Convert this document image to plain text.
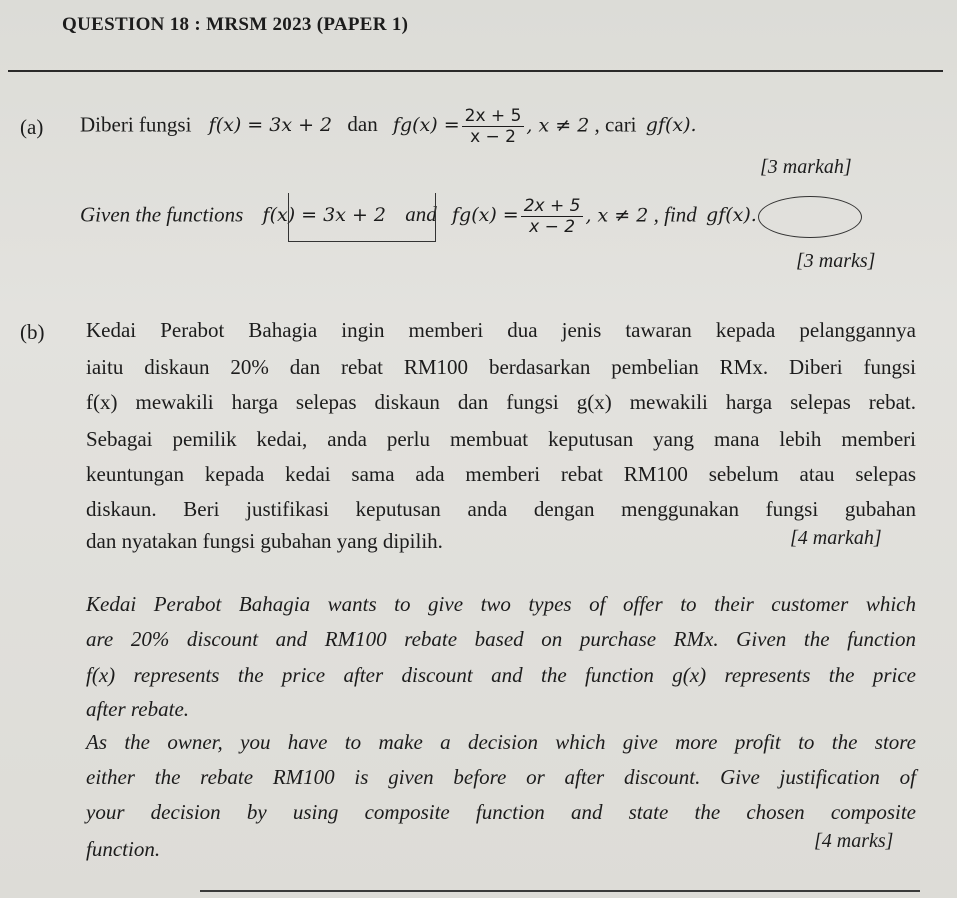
QUESTION 18 : MRSM 2023 (PAPER 1)
(a) Diberi fungsi f(x) = 3x + 2 dan $fg(x) = \frac{2x + 5}{x - 2}$ , x ≠ 2 , cari gf(x).
[3 markah]
Given the functions f(x) = 3x + 2 and $fg(x) = \frac{2x + 5}{x - 2}$ , x ≠ 2 , find gf(x).
[3 marks]
(b) Kedai Perabot Bahagia ingin memberi dua jenis tawaran kepada pelanggannya
iaitu diskaun 20% dan rebat RM100 berdasarkan pembelian RMx. Diberi fungsi
f(x) mewakili harga selepas diskaun dan fungsi g(x) mewakili harga selepas rebat.
Sebagai pemilik kedai, anda perlu membuat keputusan yang mana lebih memberi
keuntungan kepada kedai sama ada memberi rebat RM100 sebelum atau selepas
diskaun. Beri justifikasi keputusan anda dengan menggunakan fungsi gubahan
dan nyatakan fungsi gubahan yang dipilih.	[4 markah]
Kedai Perabot Bahagia wants to give two types of offer to their customer which
are 20% discount and RM100 rebate based on purchase RMx. Given the function
f(x) represents the price after discount and the function g(x) represents the price
after rebate.
As the owner, you have to make a decision which give more profit to the store
either the rebate RM100 is given before or after discount. Give justification of
your decision by using composite function and state the chosen composite
function.	[4 marks]
